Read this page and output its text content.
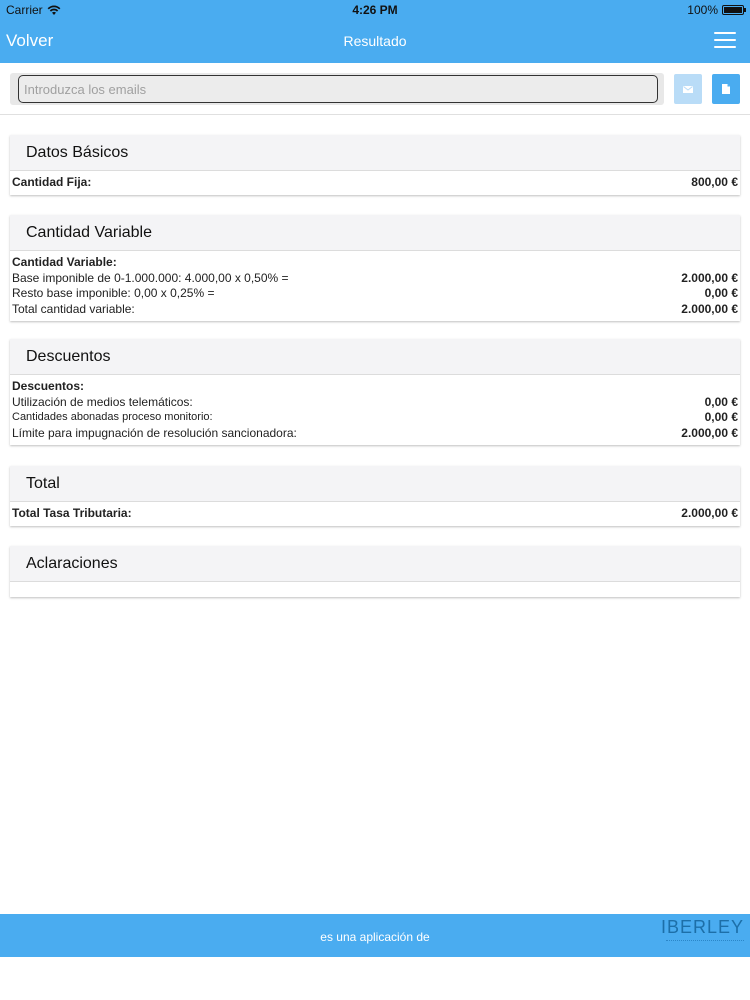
Carrier	4:26 PM	100%
Volver	Resultado
Introduzca los emails
Datos Básicos
Cantidad Fija:	800,00 €
Cantidad Variable
Cantidad Variable:
Base imponible de 0-1.000.000: 4.000,00 x 0,50% =	2.000,00 €
Resto base imponible: 0,00 x 0,25% =	0,00 €
Total cantidad variable:	2.000,00 €
Descuentos
Descuentos:
Utilización de medios telemáticos:	0,00 €
Cantidades abonadas proceso monitorio:	0,00 €
Límite para impugnación de resolución sancionadora:	2.000,00 €
Total
Total Tasa Tributaria:	2.000,00 €
Aclaraciones
es una aplicación de	IBERLEY
